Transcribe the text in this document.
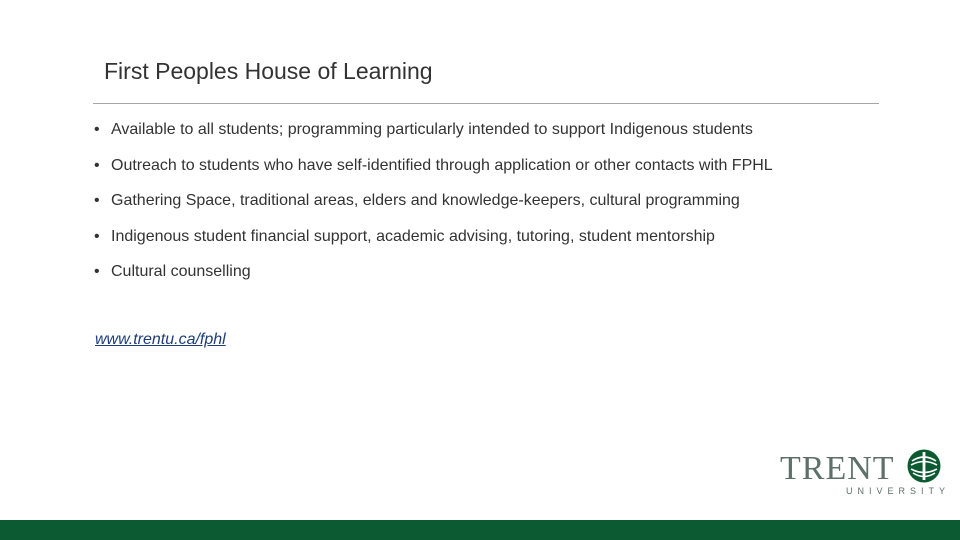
First Peoples House of Learning
• Available to all students; programming particularly intended to support Indigenous students
• Outreach to students who have self-identified through application or other contacts with FPHL
• Gathering Space, traditional areas, elders and knowledge-keepers, cultural programming
• Indigenous student financial support, academic advising, tutoring, student mentorship
• Cultural counselling
www.trentu.ca/fphl
TRENT
UNIVERSITY
